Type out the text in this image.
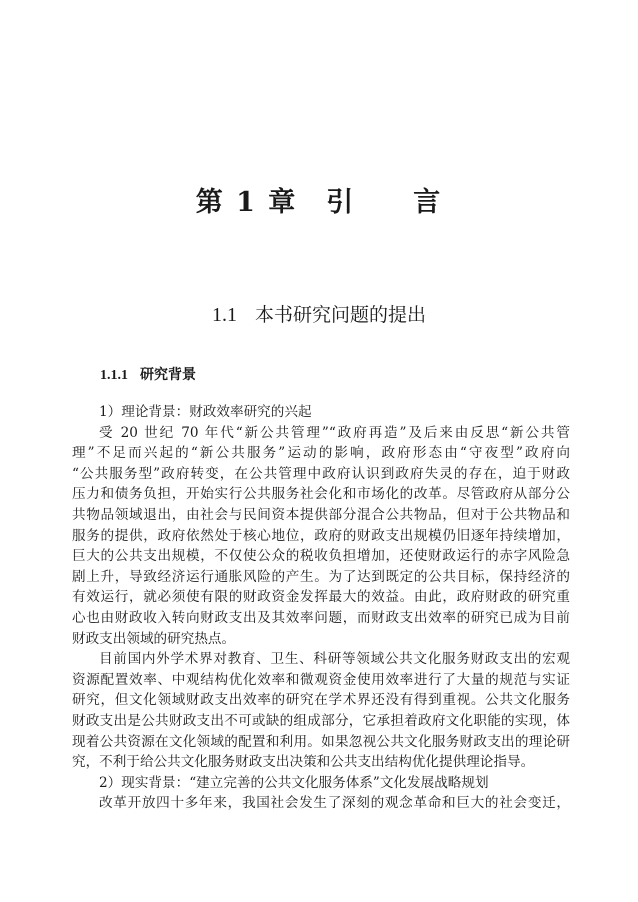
第 1 章　引　　言
1.1 本书研究问题的提出
1.1.1 研究背景
1）理论背景：财政效率研究的兴起
受 20 世纪 70 年代“新公共管理”“政府再造”及后来由反思“新公共管
理”不足而兴起的“新公共服务”运动的影响，政府形态由“守夜型”政府向
“公共服务型”政府转变，在公共管理中政府认识到政府失灵的存在，迫于财政
压力和债务负担，开始实行公共服务社会化和市场化的改革。尽管政府从部分公
共物品领域退出，由社会与民间资本提供部分混合公共物品，但对于公共物品和
服务的提供，政府依然处于核心地位，政府的财政支出规模仍旧逐年持续增加，
巨大的公共支出规模，不仅使公众的税收负担增加，还使财政运行的赤字风险急
剧上升，导致经济运行通胀风险的产生。为了达到既定的公共目标，保持经济的
有效运行，就必须使有限的财政资金发挥最大的效益。由此，政府财政的研究重
心也由财政收入转向财政支出及其效率问题，而财政支出效率的研究已成为目前
财政支出领域的研究热点。
目前国内外学术界对教育、卫生、科研等领域公共文化服务财政支出的宏观
资源配置效率、中观结构优化效率和微观资金使用效率进行了大量的规范与实证
研究，但文化领域财政支出效率的研究在学术界还没有得到重视。公共文化服务
财政支出是公共财政支出不可或缺的组成部分，它承担着政府文化职能的实现，体
现着公共资源在文化领域的配置和利用。如果忽视公共文化服务财政支出的理论研
究，不利于给公共文化服务财政支出决策和公共支出结构优化提供理论指导。
2）现实背景：“建立完善的公共文化服务体系”文化发展战略规划
改革开放四十多年来，我国社会发生了深刻的观念革命和巨大的社会变迁，
